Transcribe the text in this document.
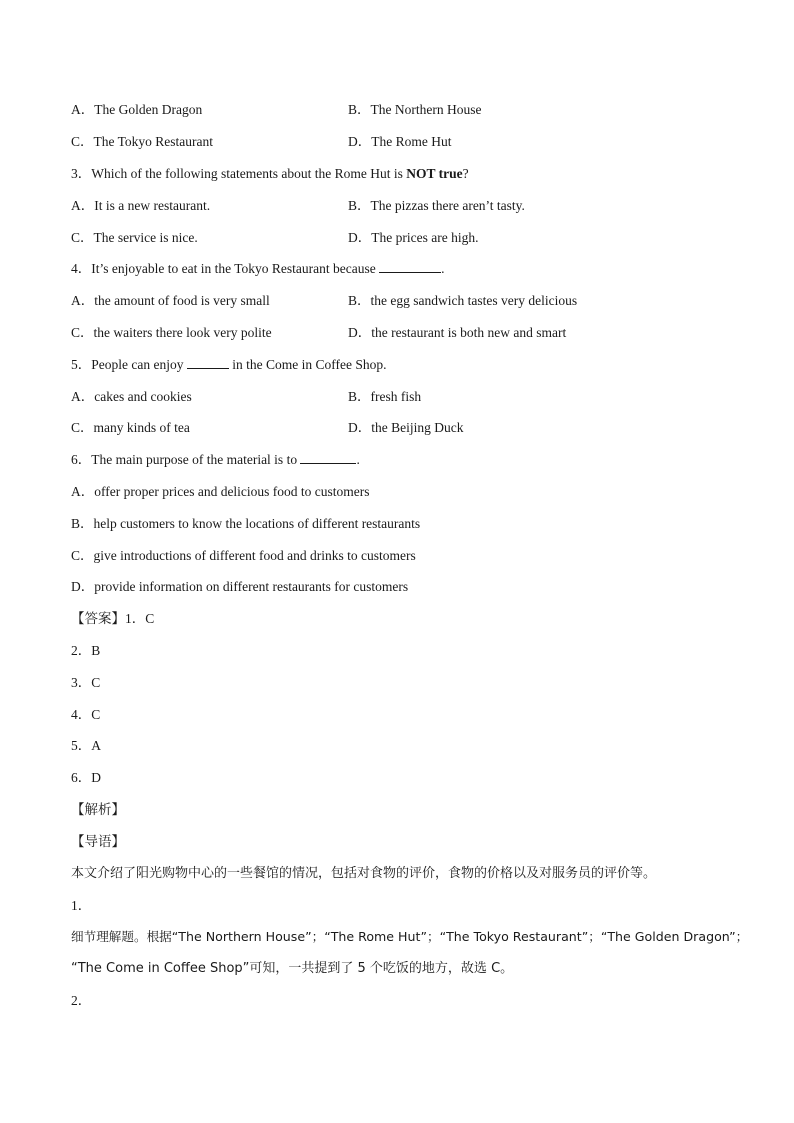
A．The Golden Dragon	B．The Northern House
C．The Tokyo Restaurant	D．The Rome Hut
3．Which of the following statements about the Rome Hut is NOT true?
A．It is a new restaurant.	B．The pizzas there aren’t tasty.
C．The service is nice.	D．The prices are high.
4．It’s enjoyable to eat in the Tokyo Restaurant because	.
A．the amount of food is very small	B．the egg sandwich tastes very delicious
C．the waiters there look very polite	D．the restaurant is both new and smart
5．People can enjoy	in the Come in Coffee Shop.
A．cakes and cookies	B．fresh fish
C．many kinds of tea	D．the Beijing Duck
6．The main purpose of the material is to	.
A．offer proper prices and delicious food to customers
B．help customers to know the locations of different restaurants
C．give introductions of different food and drinks to customers
D．provide information on different restaurants for customers
【答案】1．C
2．B
3．C
4．C
5．A
6．D
【解析】
【导语】
本文介绍了阳光购物中心的一些餐馆的情况，包括对食物的评价，食物的价格以及对服务员的评价等。
1．
细节理解题。根据“The Northern House”；“The Rome Hut”；“The Tokyo Restaurant”；“The Golden Dragon”；
“The Come in Coffee Shop”可知，一共提到了 5 个吃饭的地方，故选 C。
2．
